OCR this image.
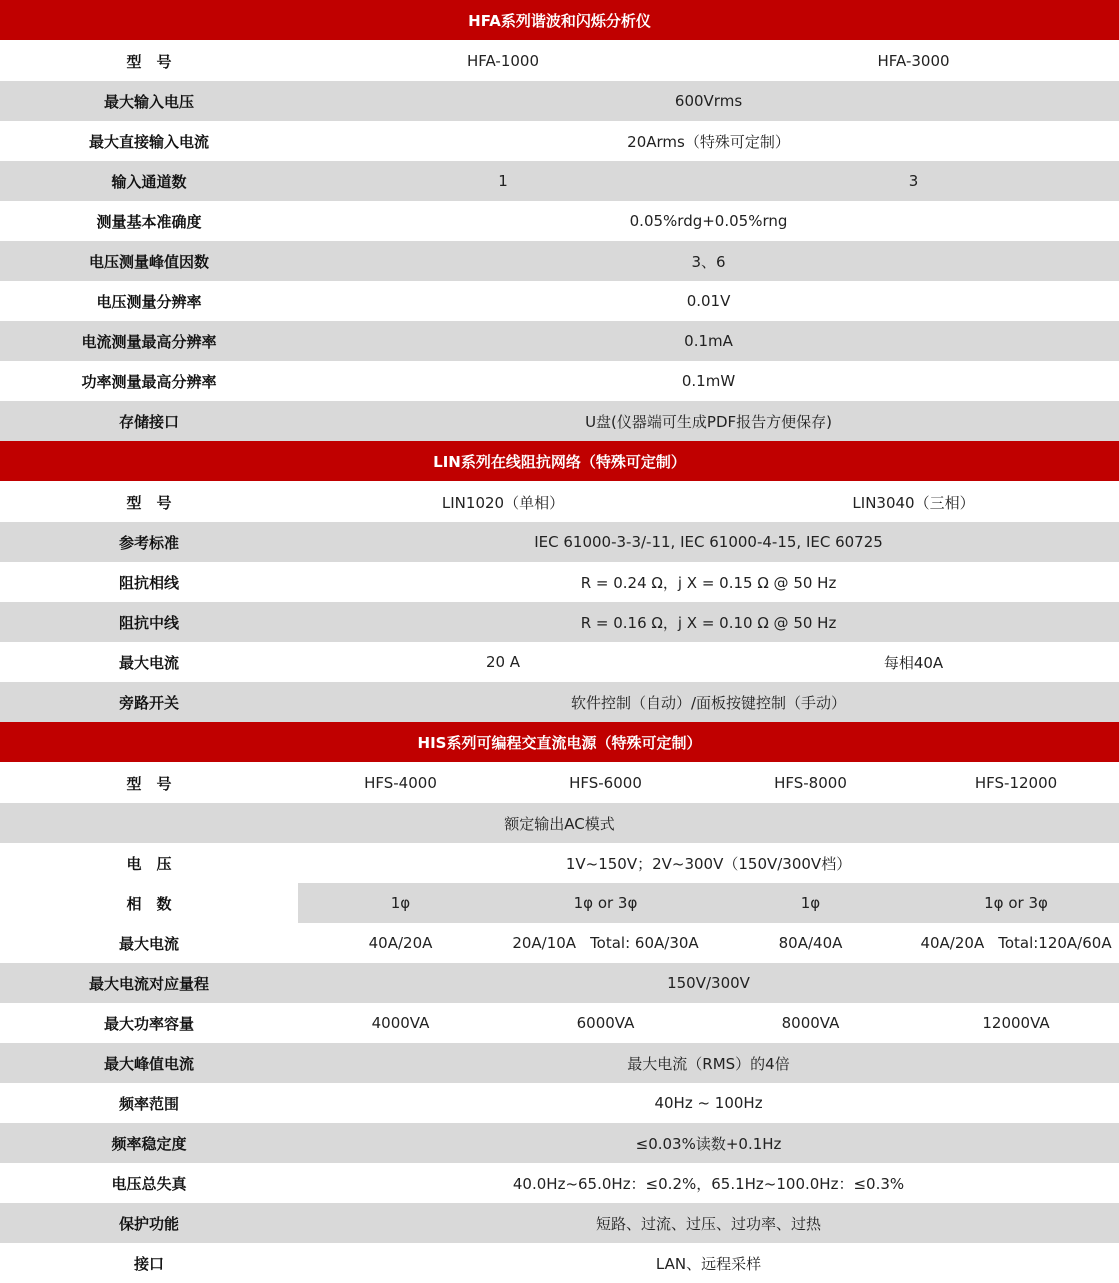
HFA系列谐波和闪烁分析仪				
型　号	HFA-1000		HFA-3000	
最大输入电压	600Vrms			
最大直接输入电流	20Arms（特殊可定制）			
输入通道数	1		3	
测量基本准确度	0.05%rdg+0.05%rng			
电压测量峰值因数	3、6			
电压测量分辨率	0.01V			
电流测量最高分辨率	0.1mA			
功率测量最高分辨率	0.1mW			
存储接口	U盘(仪器端可生成PDF报告方便保存)			
LIN系列在线阻抗网络（特殊可定制）				
型　号	LIN1020（单相）		LIN3040（三相）	
参考标准	IEC 61000-3-3/-11, IEC 61000-4-15, IEC 60725			
阻抗相线	R = 0.24 Ω，j X = 0.15 Ω @ 50 Hz			
阻抗中线	R = 0.16 Ω，j X = 0.10 Ω @ 50 Hz			
最大电流	20 A		每相40A	
旁路开关	软件控制（自动）/面板按键控制（手动）			
HIS系列可编程交直流电源（特殊可定制）				
型　号	HFS-4000	HFS-6000	HFS-8000	HFS-12000
额定输出AC模式				
电　压	1V~150V；2V~300V（150V/300V档）			
相　数	1φ	1φ or 3φ	1φ	1φ or 3φ
最大电流	40A/20A	20A/10A Total: 60A/30A	80A/40A	40A/20A Total:120A/60A
最大电流对应量程	150V/300V			
最大功率容量	4000VA	6000VA	8000VA	12000VA
最大峰值电流	最大电流（RMS）的4倍			
频率范围	40Hz ~ 100Hz			
频率稳定度	≤0.03%读数+0.1Hz			
电压总失真	40.0Hz~65.0Hz：≤0.2%，65.1Hz~100.0Hz：≤0.3%			
保护功能	短路、过流、过压、过功率、过热			
接口	LAN、远程采样			
